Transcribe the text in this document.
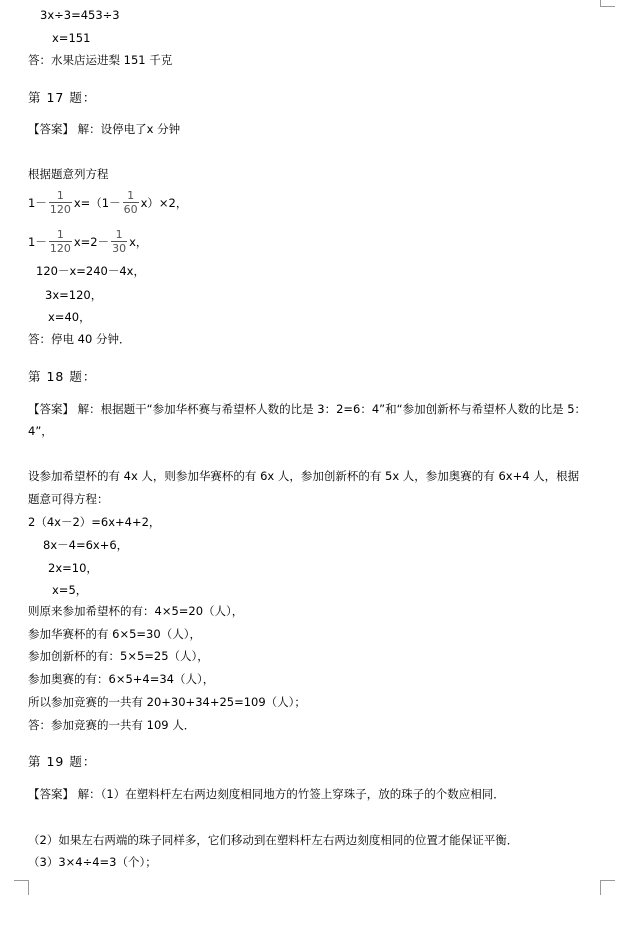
3x÷3=453÷3
x=151
答：水果店运进梨 151 千克
第 17 题：
【答案】 解：设停电了x 分钟
根据题意列方程
$1- \frac{1}{120} x=(1- \frac{1}{60} x)\times 2$，
$1- \frac{1}{120} x=2- \frac{1}{30}$ x，
120－x=240－4x，
3x=120，
x=40，
答：停电 40 分钟．
第 18 题：
【答案】 解：根据题干“参加华杯赛与希望杯人数的比是 3：2=6：4”和“参加创新杯与希望杯人数的比是 5：
4”，
设参加希望杯的有 4x 人，则参加华赛杯的有 6x 人，参加创新杯的有 5x 人，参加奥赛的有 6x+4 人，根据
题意可得方程：
2（4x－2）=6x+4+2，
8x－4=6x+6，
2x=10，
x=5，
则原来参加希望杯的有：4×5=20（人），
参加华赛杯的有 6×5=30（人），
参加创新杯的有：5×5=25（人），
参加奥赛的有：6×5+4=34（人），
所以参加竞赛的一共有 20+30+34+25=109（人）；
答：参加竞赛的一共有 109 人．
第 19 题：
【答案】 解：（1）在塑料杆左右两边刻度相同地方的竹签上穿珠子，放的珠子的个数应相同．
（2）如果左右两端的珠子同样多，它们移动到在塑料杆左右两边刻度相同的位置才能保证平衡．
（3）3×4÷4=3（个）；
